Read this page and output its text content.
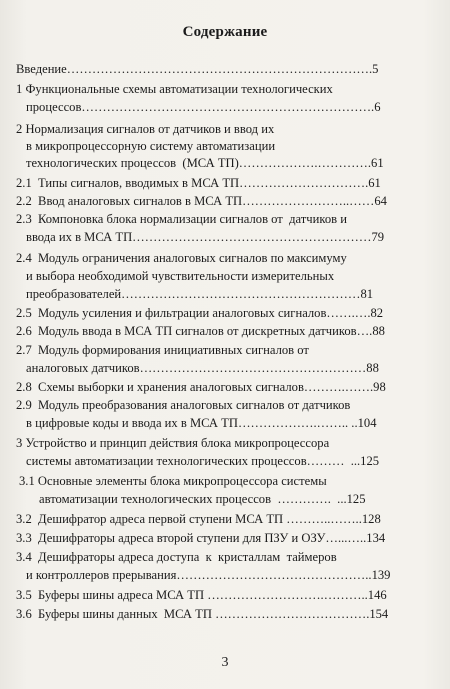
Содержание
Введение……………………………………………………………….5
1 Функциональные схемы автоматизации технологических
процессов…………………………………………………………….6
2 Нормализация сигналов от датчиков и ввод их
в микропроцессорную систему автоматизации
технологических процессов  (МСА ТП)……………….………….61
2.1  Типы сигналов, вводимых в МСА ТП………………………….61
2.2  Ввод аналоговых сигналов в МСА ТП……………………..……64
2.3  Компоновка блока нормализации сигналов от  датчиков и
ввода их в МСА ТП…………………………………………………79
2.4  Модуль ограничения аналоговых сигналов по максимуму
и выбора необходимой чувствительности измерительных
преобразователей…………………………………………………81
2.5  Модуль усиления и фильтрации аналоговых сигналов…….….82
2.6  Модуль ввода в МСА ТП сигналов от дискретных датчиков….88
2.7  Модуль формирования инициативных сигналов от
аналоговых датчиков………………………………………………88
2.8  Схемы выборки и хранения аналоговых сигналов……….…….98
2.9  Модуль преобразования аналоговых сигналов от датчиков
в цифровые коды и ввода их в МСА ТП……………….…….. ..104
3 Устройство и принцип действия блока микропроцессора
системы автоматизации технологических процессов………  ...125
3.1 Основные элементы блока микропроцессора системы
автоматизации технологических процессов  ………….  ...125
3.2  Дешифратор адреса первой ступени МСА ТП ………..……..128
3.3  Дешифраторы адреса второй ступени для ПЗУ и ОЗУ…...…..134
3.4  Дешифраторы адреса доступа  к  кристаллам  таймеров
и контроллеров прерывания………………………………………..139
3.5  Буферы шины адреса МСА ТП ……………………….………..146
3.6  Буферы шины данных  МСА ТП ……………………………….154
3
